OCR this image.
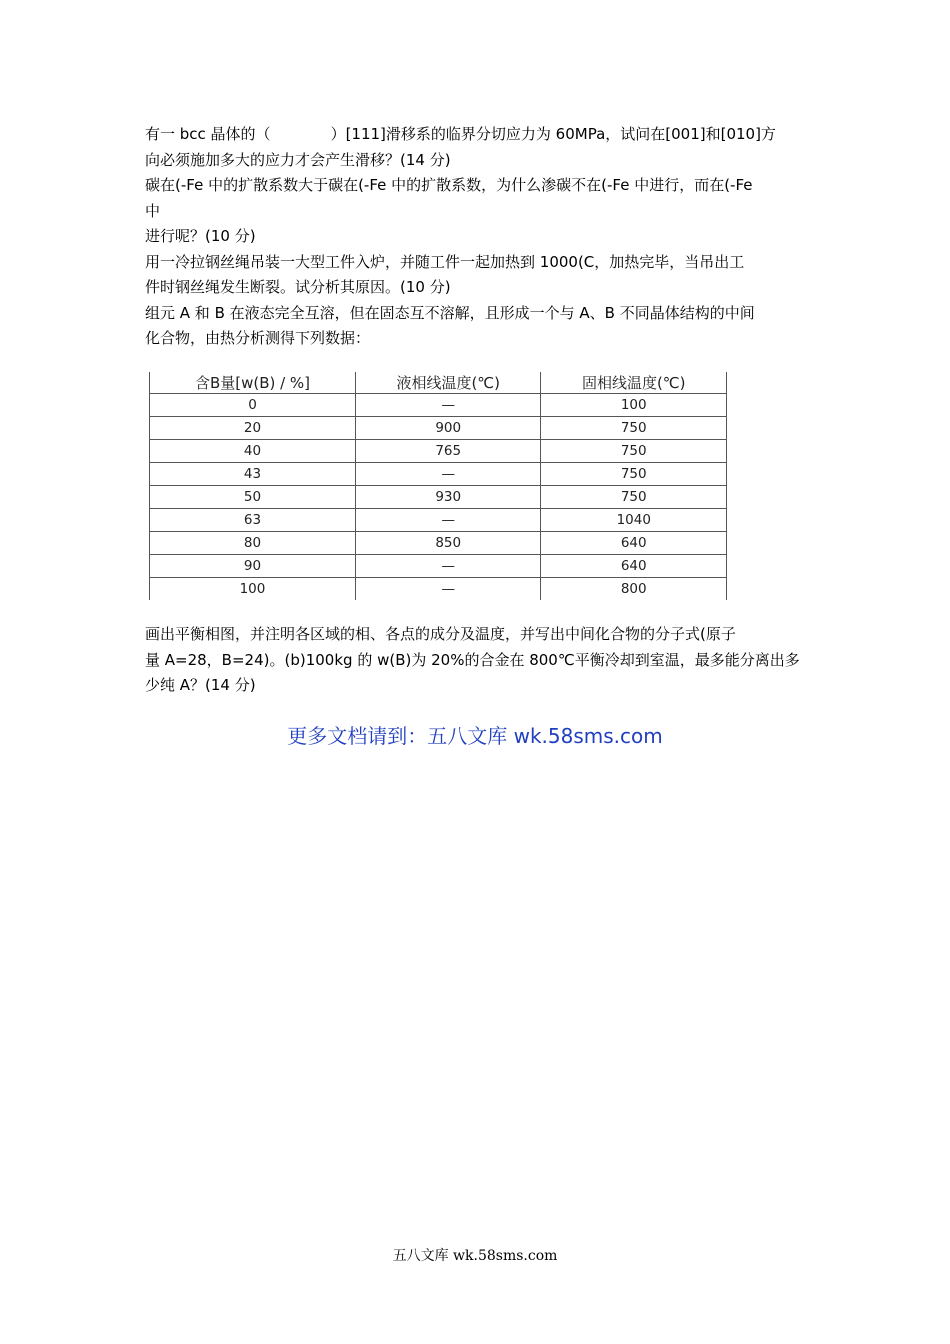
有一 bcc 晶体的（	）[111]滑移系的临界分切应力为 60MPa，试问在[001]和[010]方
向必须施加多大的应力才会产生滑移？(14 分)

碳在(-Fe 中的扩散系数大于碳在(-Fe 中的扩散系数，为什么渗碳不在(-Fe 中进行，而在(-Fe
中
进行呢？(10 分)

用一冷拉钢丝绳吊装一大型工件入炉，并随工件一起加热到 1000(C，加热完毕，当吊出工
件时钢丝绳发生断裂。试分析其原因。(10 分)

组元 A 和 B 在液态完全互溶，但在固态互不溶解，且形成一个与 A、B 不同晶体结构的中间
化合物，由热分析测得下列数据：

含B量[w(B) / %]	液相线温度(℃)	固相线温度(℃)
0	—	100
20	900	750
40	765	750
43	—	750
50	930	750
63	—	1040
80	850	640
90	—	640
100	—	800
画出平衡相图，并注明各区域的相、各点的成分及温度，并写出中间化合物的分子式(原子
量 A=28，B=24)。(b)100kg 的 w(B)为 20%的合金在 800℃平衡冷却到室温，最多能分离出多
少纯 A？(14 分)
更多文档请到：五八文库 wk.58sms.com
五八文库 wk.58sms.com
